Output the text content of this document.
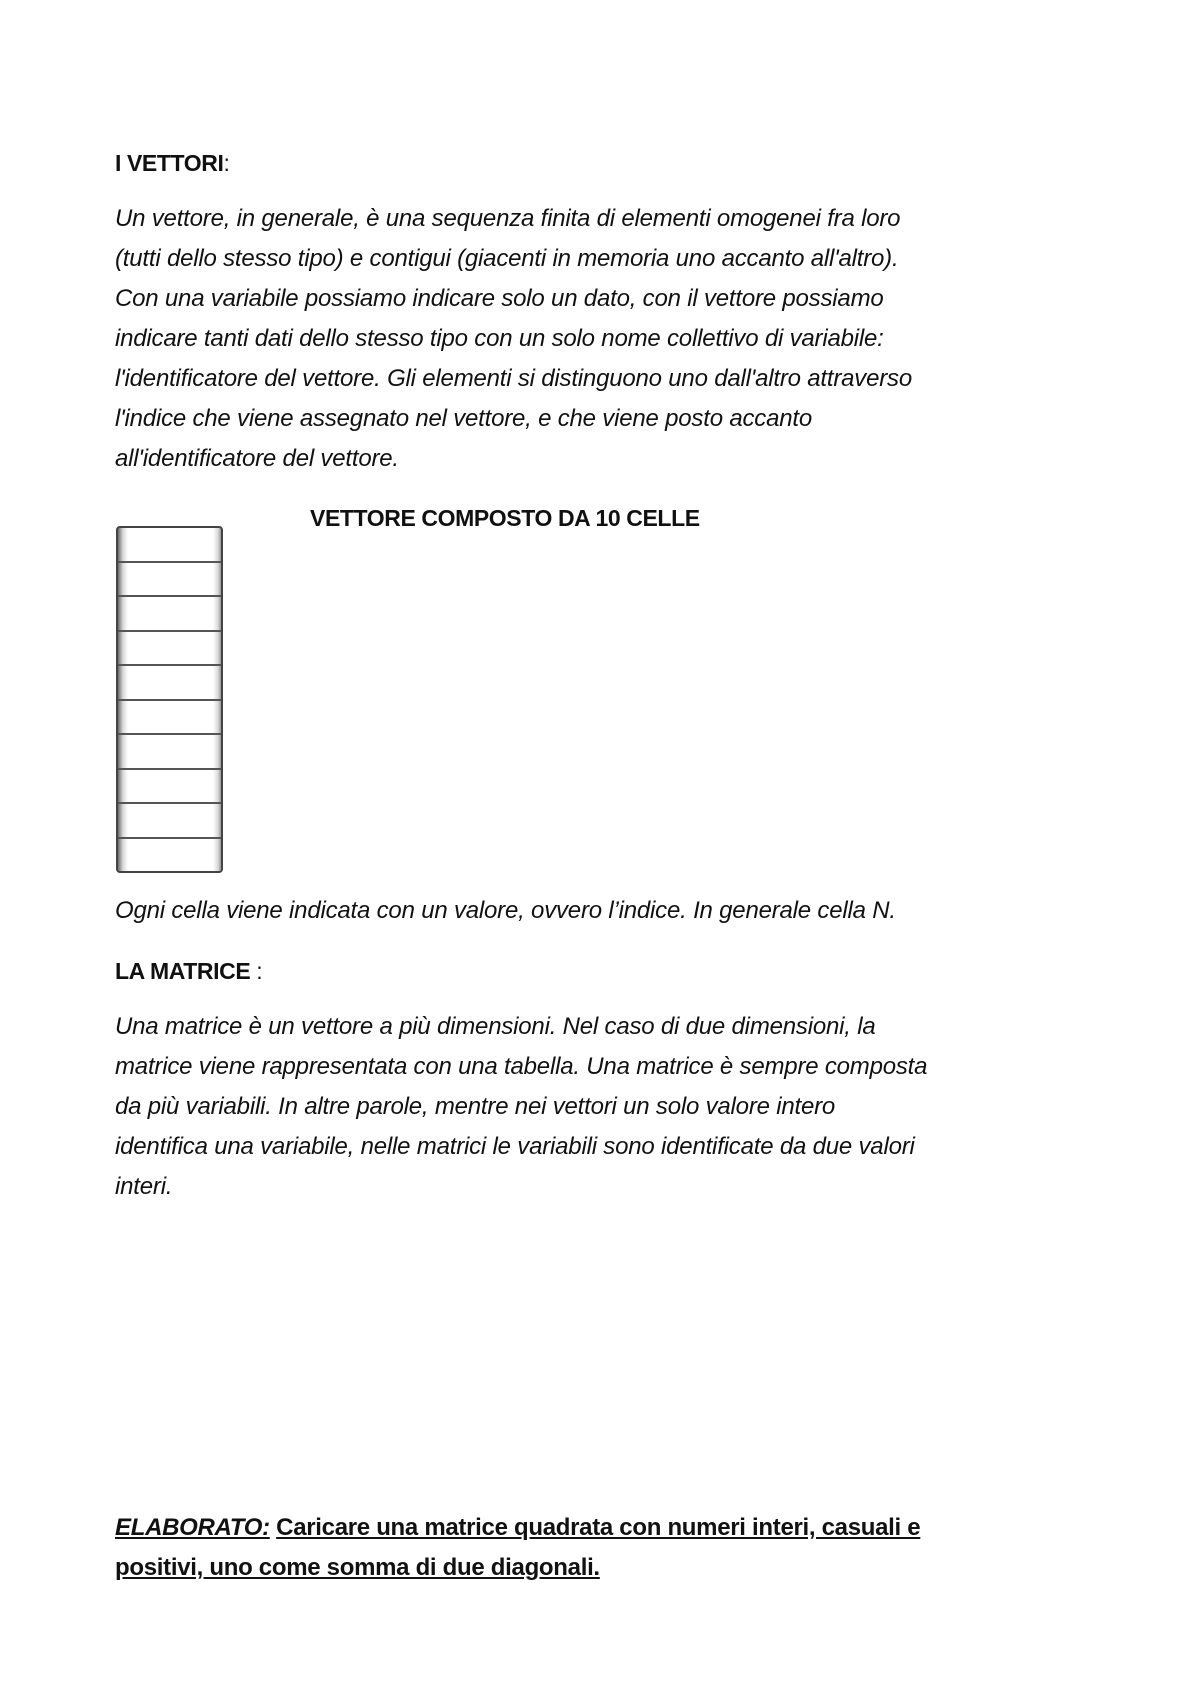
I VETTORI:
Un vettore, in generale, è una sequenza finita di elementi omogenei fra loro
(tutti dello stesso tipo) e contigui (giacenti in memoria uno accanto all'altro).
Con una variabile possiamo indicare solo un dato, con il vettore possiamo
indicare tanti dati dello stesso tipo con un solo nome collettivo di variabile:
l'identificatore del vettore. Gli elementi si distinguono uno dall'altro attraverso
l'indice che viene assegnato nel vettore, e che viene posto accanto
all'identificatore del vettore.
VETTORE COMPOSTO DA 10 CELLE
Ogni cella viene indicata con un valore, ovvero l’indice. In generale cella N.
LA MATRICE :
Una matrice è un vettore a più dimensioni. Nel caso di due dimensioni, la
matrice viene rappresentata con una tabella. Una matrice è sempre composta
da più variabili. In altre parole, mentre nei vettori un solo valore intero
identifica una variabile, nelle matrici le variabili sono identificate da due valori
interi.
ELABORATO: Caricare una matrice quadrata con numeri interi, casuali e
positivi, uno come somma di due diagonali.
